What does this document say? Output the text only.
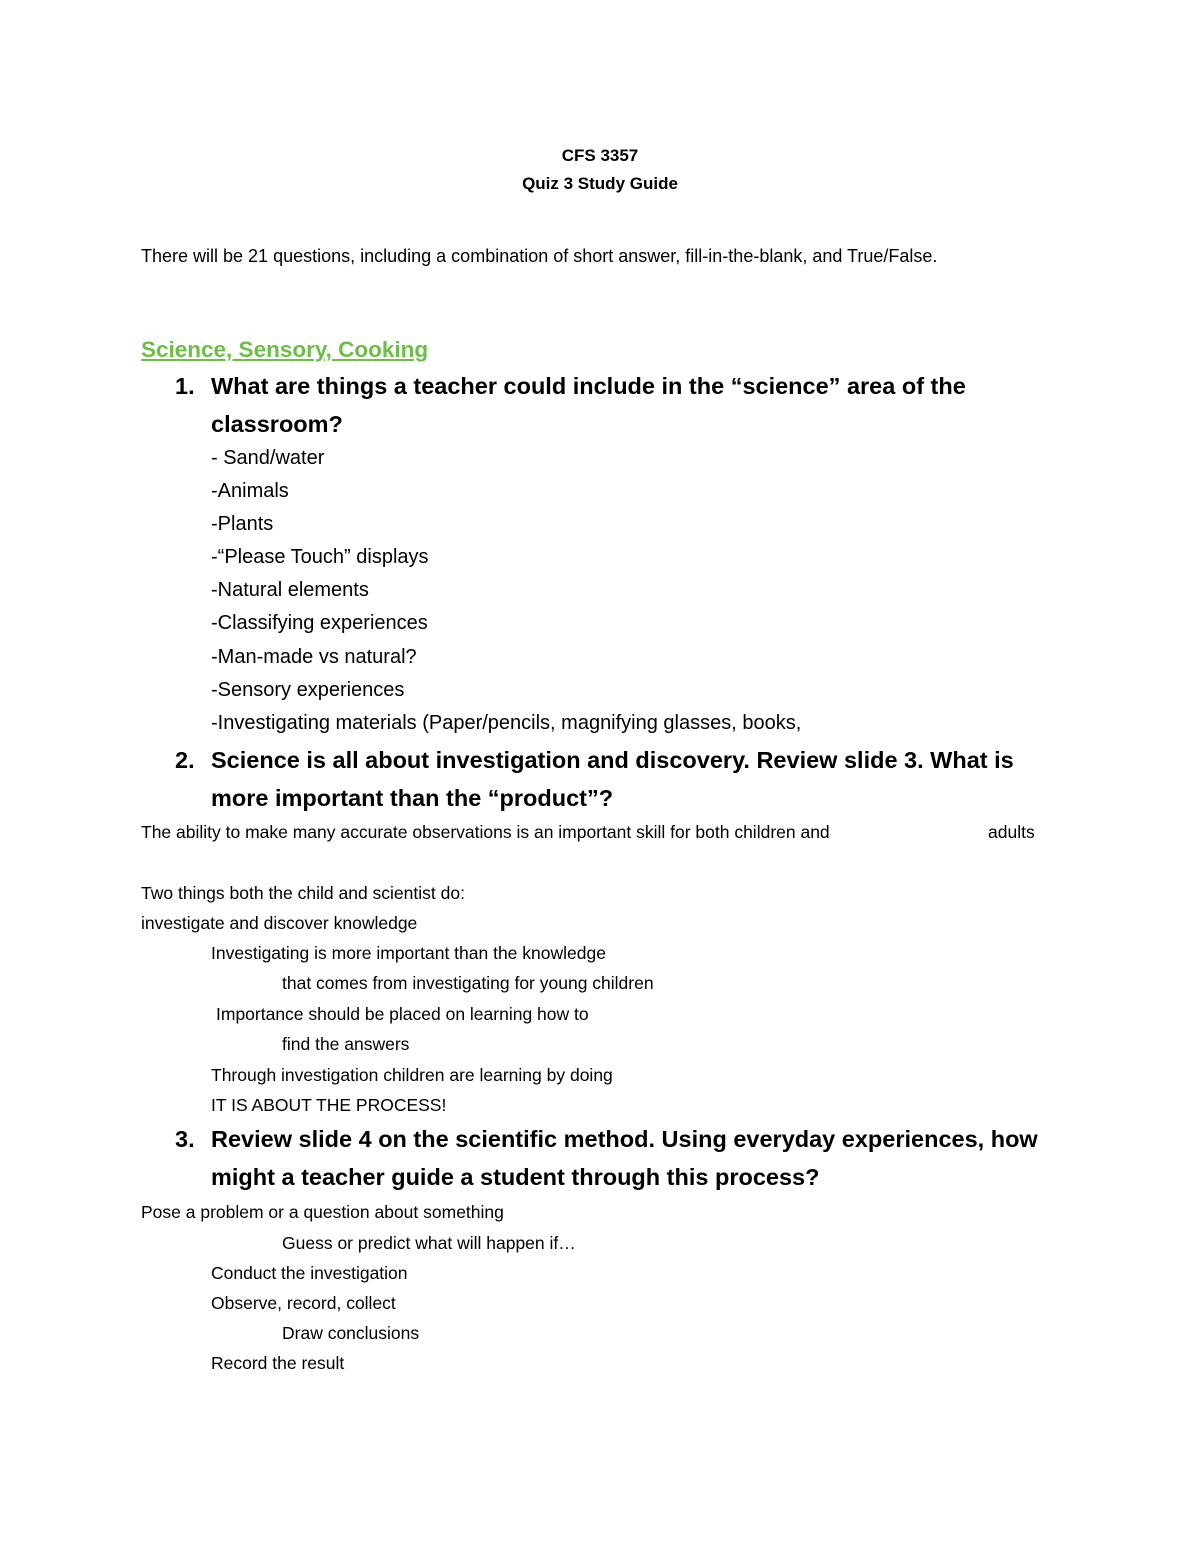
CFS 3357
Quiz 3 Study Guide
There will be 21 questions, including a combination of short answer, fill-in-the-blank, and True/False.
Science, Sensory, Cooking
1. What are things a teacher could include in the “science” area of the
classroom?
- Sand/water
-Animals
-Plants
-“Please Touch” displays
-Natural elements
-Classifying experiences
-Man-made vs natural?
-Sensory experiences
-Investigating materials (Paper/pencils, magnifying glasses, books,
2. Science is all about investigation and discovery. Review slide 3. What is
more important than the “product”?
The ability to make many accurate observations is an important skill for both children and	adults
Two things both the child and scientist do:
investigate and discover knowledge
Investigating is more important than the knowledge
that comes from investigating for young children
Importance should be placed on learning how to
find the answers
Through investigation children are learning by doing
IT IS ABOUT THE PROCESS!
3. Review slide 4 on the scientific method. Using everyday experiences, how
might a teacher guide a student through this process?
Pose a problem or a question about something
Guess or predict what will happen if…
Conduct the investigation
Observe, record, collect
Draw conclusions
Record the result
